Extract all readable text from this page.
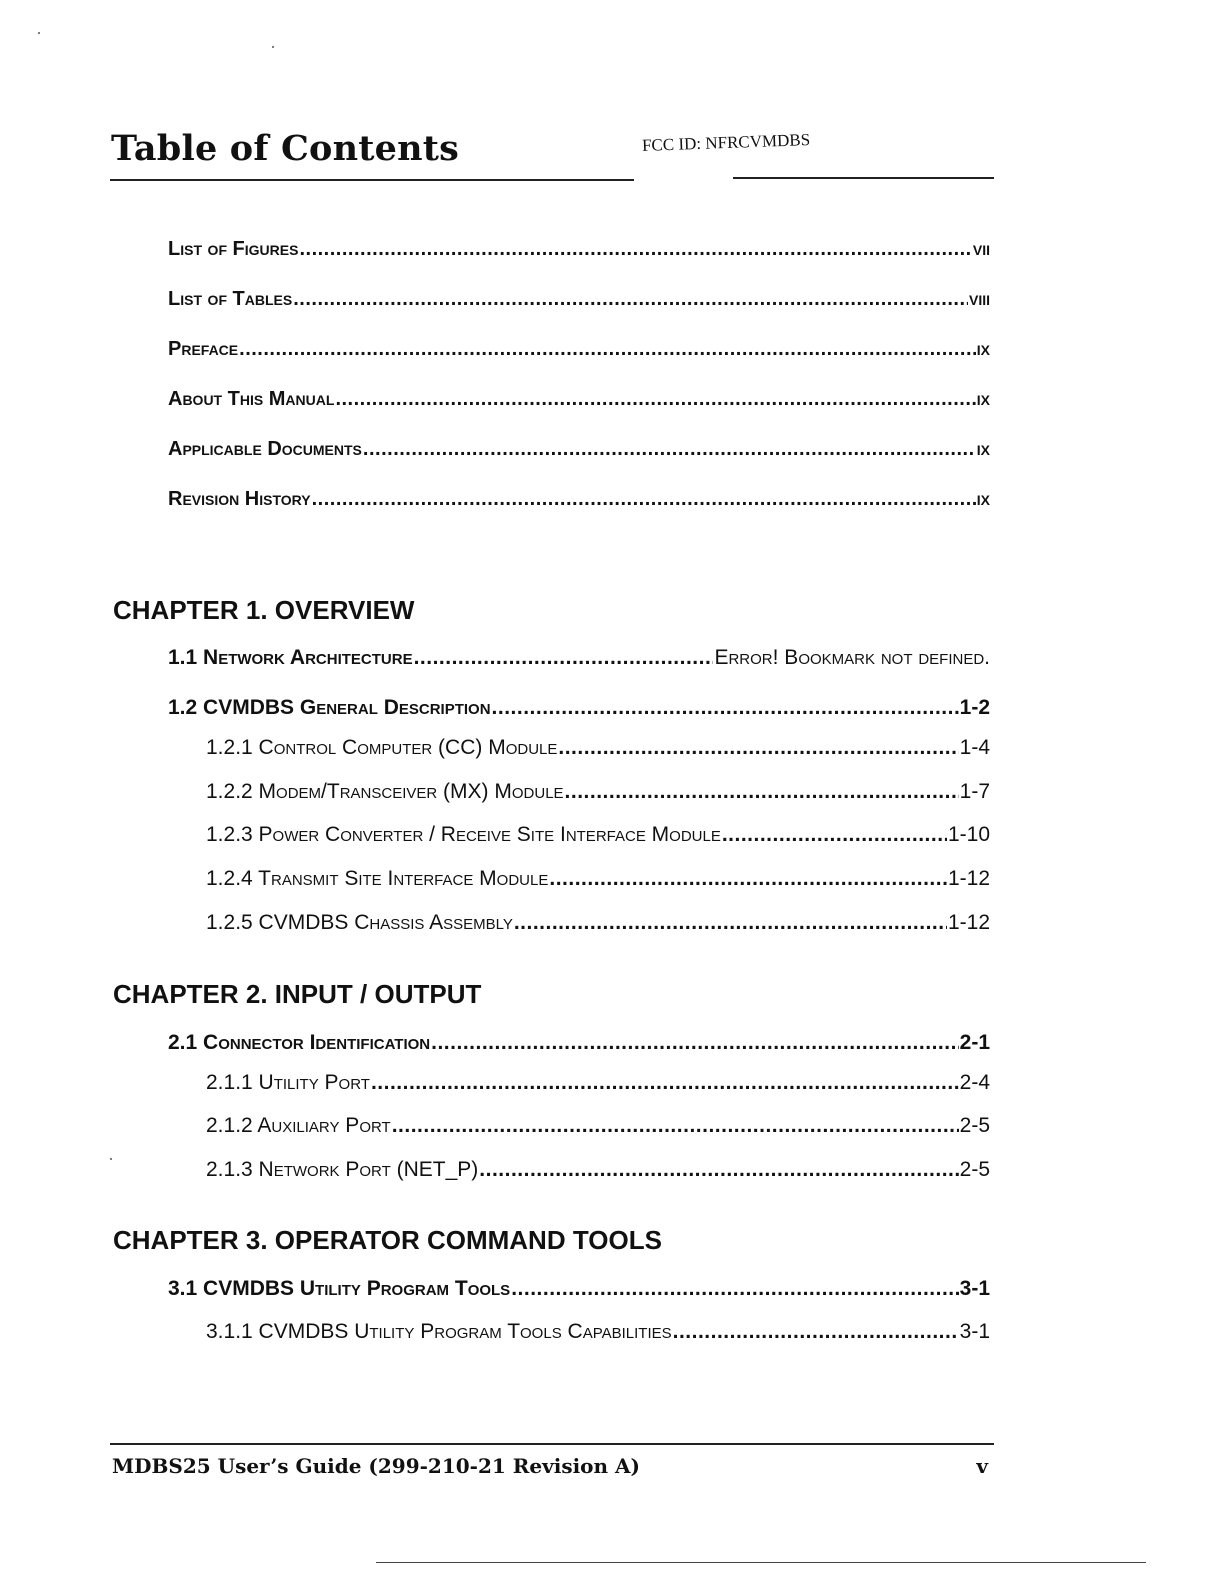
Table of Contents	FCC ID: NFRCVMDBS
List of Figures .....	vii
List of Tables .....	viii
Preface .....	ix
About This Manual .....	ix
Applicable Documents .....	ix
Revision History .....	ix
CHAPTER 1. OVERVIEW
1.1 Network Architecture .....	Error! Bookmark not defined.
1.2 CVMDBS General Description .....	1-2
1.2.1 Control Computer (CC) Module .....	1-4
1.2.2 Modem/Transceiver (MX) Module .....	1-7
1.2.3 Power Converter / Receive Site Interface Module .....	1-10
1.2.4 Transmit Site Interface Module .....	1-12
1.2.5 CVMDBS Chassis Assembly .....	1-12
CHAPTER 2. INPUT / OUTPUT
2.1 Connector Identification .....	2-1
2.1.1 Utility Port .....	2-4
2.1.2 Auxiliary Port .....	2-5
2.1.3 Network Port (NET_P) .....	2-5
CHAPTER 3. OPERATOR COMMAND TOOLS
3.1 CVMDBS Utility Program Tools .....	3-1
3.1.1 CVMDBS Utility Program Tools Capabilities .....	3-1
MDBS25 User’s Guide (299-210-21 Revision A)	v
